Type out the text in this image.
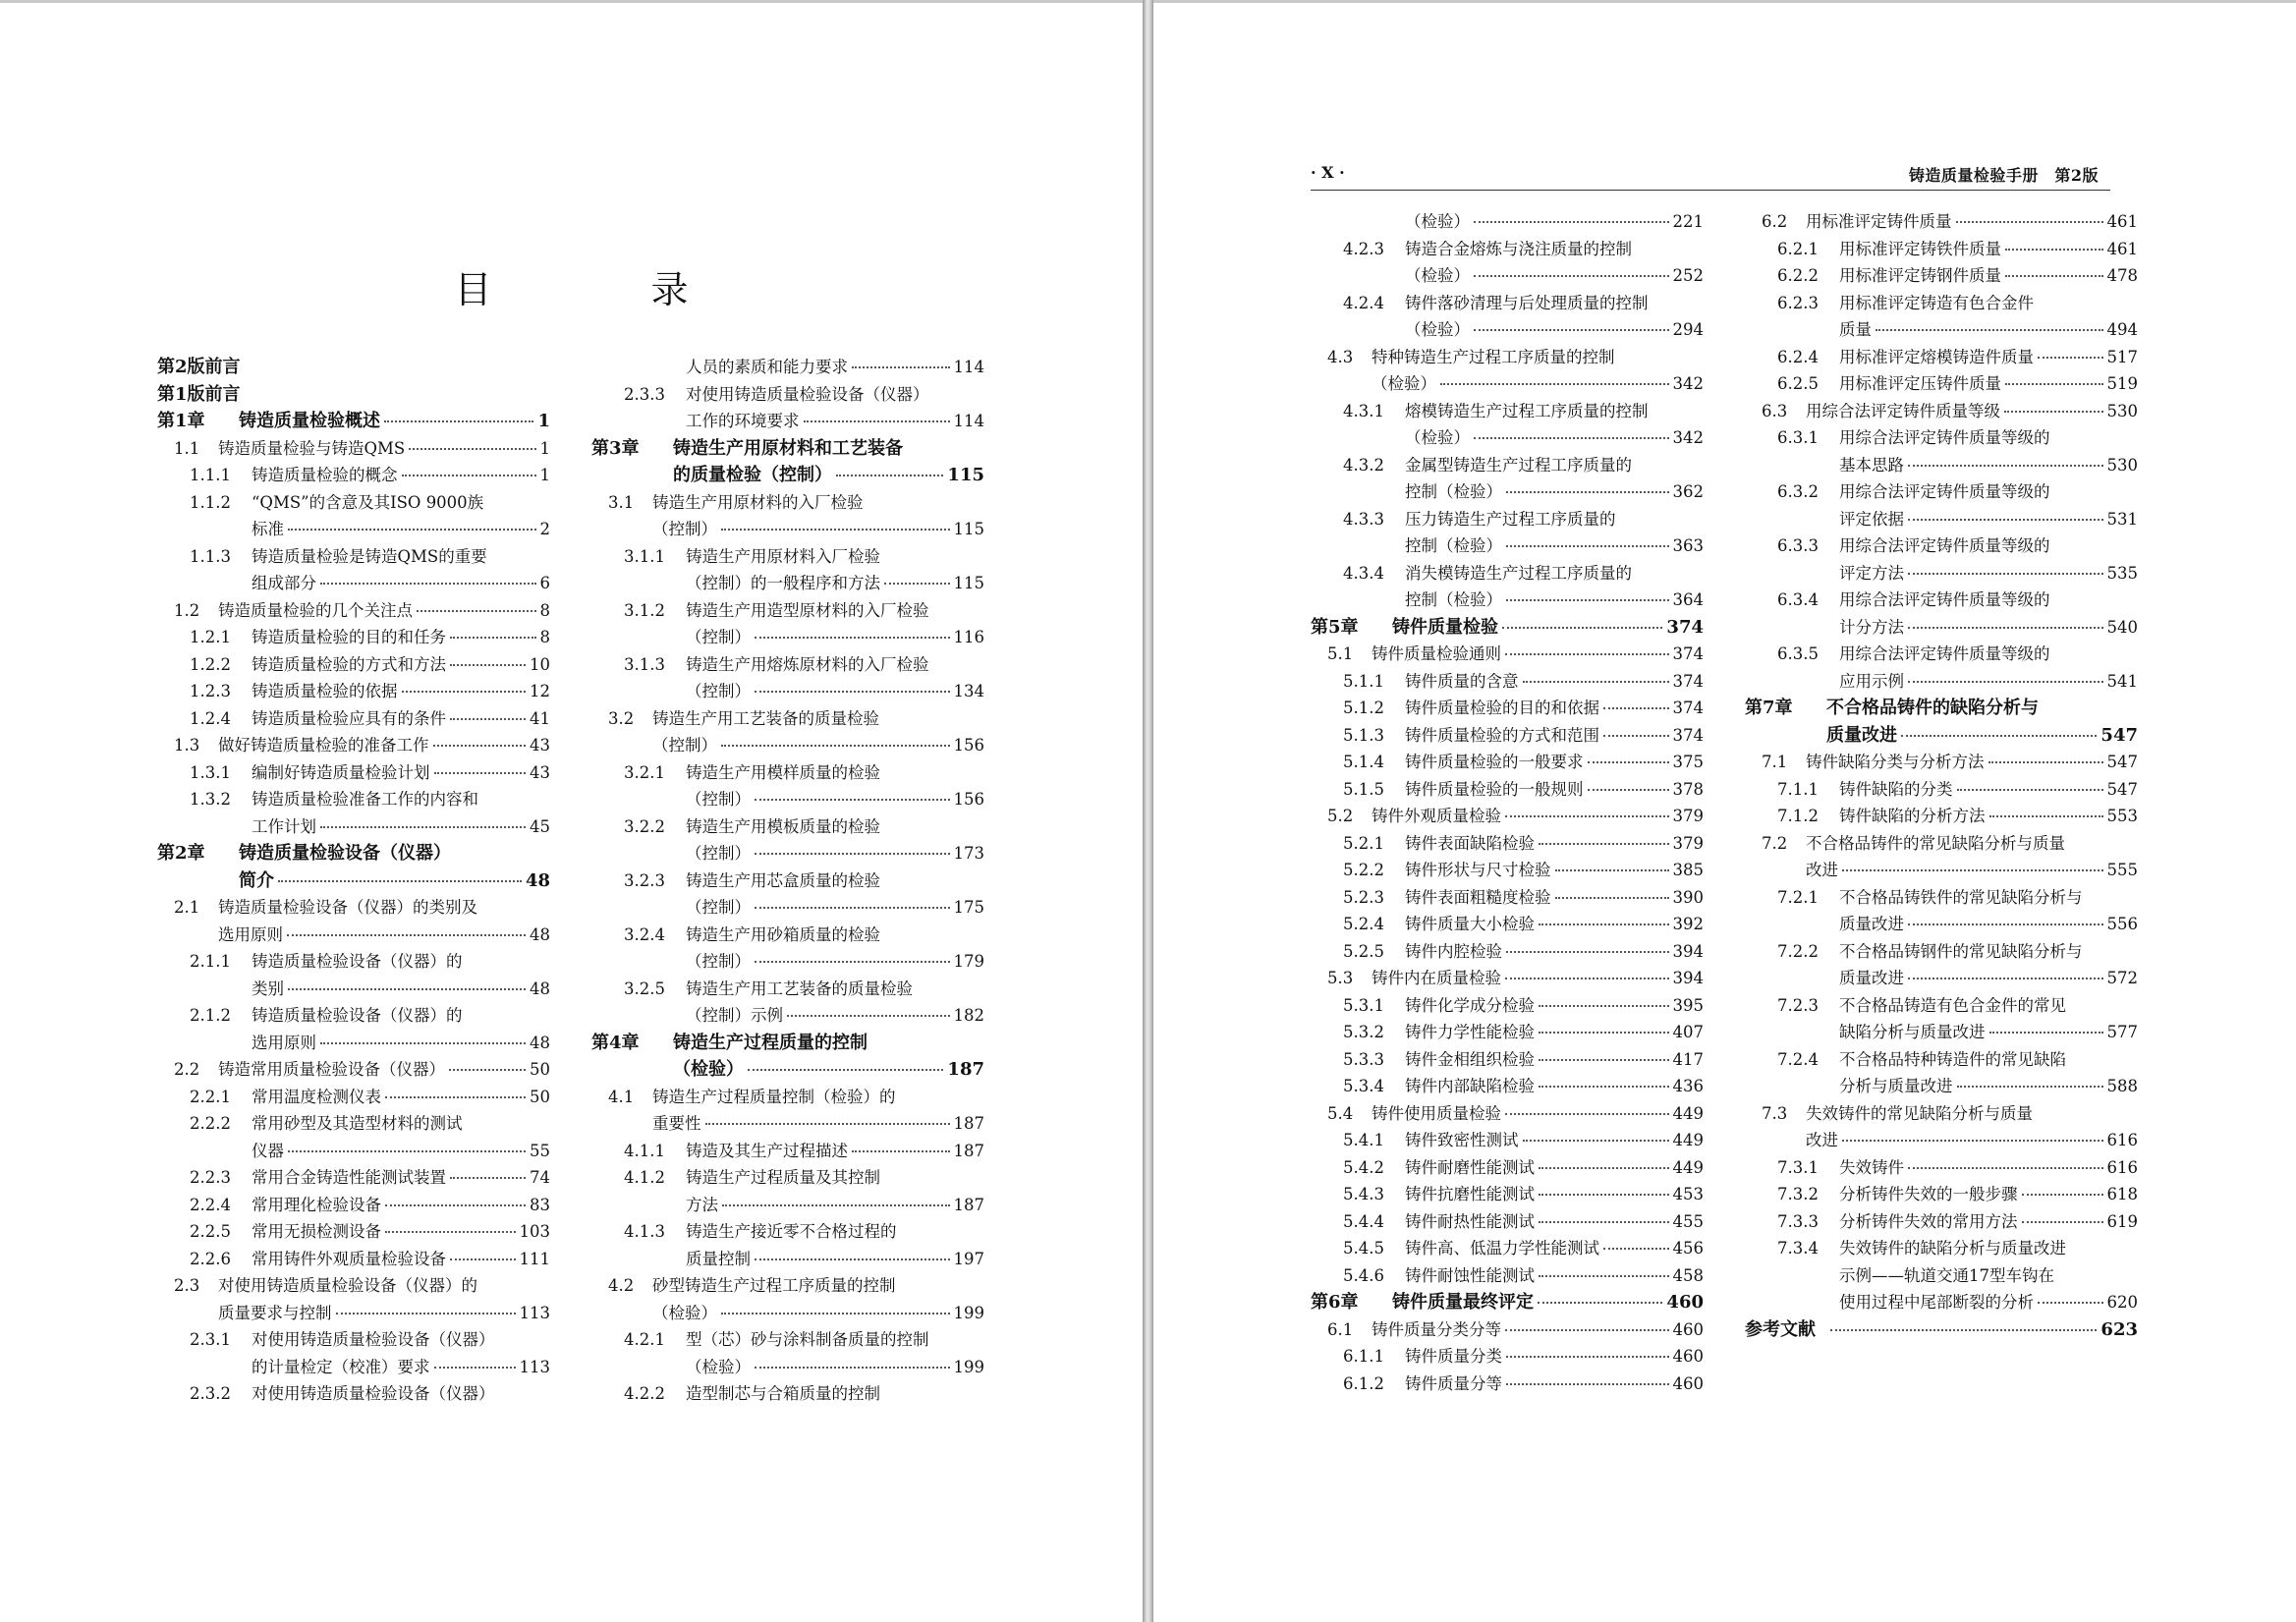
目　录
第2版前言
第1版前言
第1章 铸造质量检验概述	1
1.1 铸造质量检验与铸造QMS	1
1.1.1 铸造质量检验的概念	1
1.1.2 “QMS”的含意及其ISO 9000族
标准	2
1.1.3 铸造质量检验是铸造QMS的重要
组成部分	6
1.2 铸造质量检验的几个关注点	8
1.2.1 铸造质量检验的目的和任务	8
1.2.2 铸造质量检验的方式和方法	10
1.2.3 铸造质量检验的依据	12
1.2.4 铸造质量检验应具有的条件	41
1.3 做好铸造质量检验的准备工作	43
1.3.1 编制好铸造质量检验计划	43
1.3.2 铸造质量检验准备工作的内容和
工作计划	45
第2章 铸造质量检验设备（仪器）
简介	48
2.1 铸造质量检验设备（仪器）的类别及
选用原则	48
2.1.1 铸造质量检验设备（仪器）的
类别	48
2.1.2 铸造质量检验设备（仪器）的
选用原则	48
2.2 铸造常用质量检验设备（仪器）	50
2.2.1 常用温度检测仪表	50
2.2.2 常用砂型及其造型材料的测试
仪器	55
2.2.3 常用合金铸造性能测试装置	74
2.2.4 常用理化检验设备	83
2.2.5 常用无损检测设备	103
2.2.6 常用铸件外观质量检验设备	111
2.3 对使用铸造质量检验设备（仪器）的
质量要求与控制	113
2.3.1 对使用铸造质量检验设备（仪器）
的计量检定（校准）要求	113
2.3.2 对使用铸造质量检验设备（仪器）
人员的素质和能力要求	114
2.3.3 对使用铸造质量检验设备（仪器）
工作的环境要求	114
第3章 铸造生产用原材料和工艺装备
的质量检验（控制）	115
3.1 铸造生产用原材料的入厂检验
（控制）	115
3.1.1 铸造生产用原材料入厂检验
（控制）的一般程序和方法	115
3.1.2 铸造生产用造型原材料的入厂检验
（控制）	116
3.1.3 铸造生产用熔炼原材料的入厂检验
（控制）	134
3.2 铸造生产用工艺装备的质量检验
（控制）	156
3.2.1 铸造生产用模样质量的检验
（控制）	156
3.2.2 铸造生产用模板质量的检验
（控制）	173
3.2.3 铸造生产用芯盒质量的检验
（控制）	175
3.2.4 铸造生产用砂箱质量的检验
（控制）	179
3.2.5 铸造生产用工艺装备的质量检验
（控制）示例	182
第4章 铸造生产过程质量的控制
（检验）	187
4.1 铸造生产过程质量控制（检验）的
重要性	187
4.1.1 铸造及其生产过程描述	187
4.1.2 铸造生产过程质量及其控制
方法	187
4.1.3 铸造生产接近零不合格过程的
质量控制	197
4.2 砂型铸造生产过程工序质量的控制
（检验）	199
4.2.1 型（芯）砂与涂料制备质量的控制
（检验）	199
4.2.2 造型制芯与合箱质量的控制
· X ·	铸造质量检验手册　第2版
（检验）	221
4.2.3 铸造合金熔炼与浇注质量的控制
（检验）	252
4.2.4 铸件落砂清理与后处理质量的控制
（检验）	294
4.3 特种铸造生产过程工序质量的控制
（检验）	342
4.3.1 熔模铸造生产过程工序质量的控制
（检验）	342
4.3.2 金属型铸造生产过程工序质量的
控制（检验）	362
4.3.3 压力铸造生产过程工序质量的
控制（检验）	363
4.3.4 消失模铸造生产过程工序质量的
控制（检验）	364
第5章 铸件质量检验	374
5.1 铸件质量检验通则	374
5.1.1 铸件质量的含意	374
5.1.2 铸件质量检验的目的和依据	374
5.1.3 铸件质量检验的方式和范围	374
5.1.4 铸件质量检验的一般要求	375
5.1.5 铸件质量检验的一般规则	378
5.2 铸件外观质量检验	379
5.2.1 铸件表面缺陷检验	379
5.2.2 铸件形状与尺寸检验	385
5.2.3 铸件表面粗糙度检验	390
5.2.4 铸件质量大小检验	392
5.2.5 铸件内腔检验	394
5.3 铸件内在质量检验	394
5.3.1 铸件化学成分检验	395
5.3.2 铸件力学性能检验	407
5.3.3 铸件金相组织检验	417
5.3.4 铸件内部缺陷检验	436
5.4 铸件使用质量检验	449
5.4.1 铸件致密性测试	449
5.4.2 铸件耐磨性能测试	449
5.4.3 铸件抗磨性能测试	453
5.4.4 铸件耐热性能测试	455
5.4.5 铸件高、低温力学性能测试	456
5.4.6 铸件耐蚀性能测试	458
第6章 铸件质量最终评定	460
6.1 铸件质量分类分等	460
6.1.1 铸件质量分类	460
6.1.2 铸件质量分等	460
6.2 用标准评定铸件质量	461
6.2.1 用标准评定铸铁件质量	461
6.2.2 用标准评定铸钢件质量	478
6.2.3 用标准评定铸造有色合金件
质量	494
6.2.4 用标准评定熔模铸造件质量	517
6.2.5 用标准评定压铸件质量	519
6.3 用综合法评定铸件质量等级	530
6.3.1 用综合法评定铸件质量等级的
基本思路	530
6.3.2 用综合法评定铸件质量等级的
评定依据	531
6.3.3 用综合法评定铸件质量等级的
评定方法	535
6.3.4 用综合法评定铸件质量等级的
计分方法	540
6.3.5 用综合法评定铸件质量等级的
应用示例	541
第7章 不合格品铸件的缺陷分析与
质量改进	547
7.1 铸件缺陷分类与分析方法	547
7.1.1 铸件缺陷的分类	547
7.1.2 铸件缺陷的分析方法	553
7.2 不合格品铸件的常见缺陷分析与质量
改进	555
7.2.1 不合格品铸铁件的常见缺陷分析与
质量改进	556
7.2.2 不合格品铸钢件的常见缺陷分析与
质量改进	572
7.2.3 不合格品铸造有色合金件的常见
缺陷分析与质量改进	577
7.2.4 不合格品特种铸造件的常见缺陷
分析与质量改进	588
7.3 失效铸件的常见缺陷分析与质量
改进	616
7.3.1 失效铸件	616
7.3.2 分析铸件失效的一般步骤	618
7.3.3 分析铸件失效的常用方法	619
7.3.4 失效铸件的缺陷分析与质量改进
示例——轨道交通17型车钩在
使用过程中尾部断裂的分析	620
参考文献	623
